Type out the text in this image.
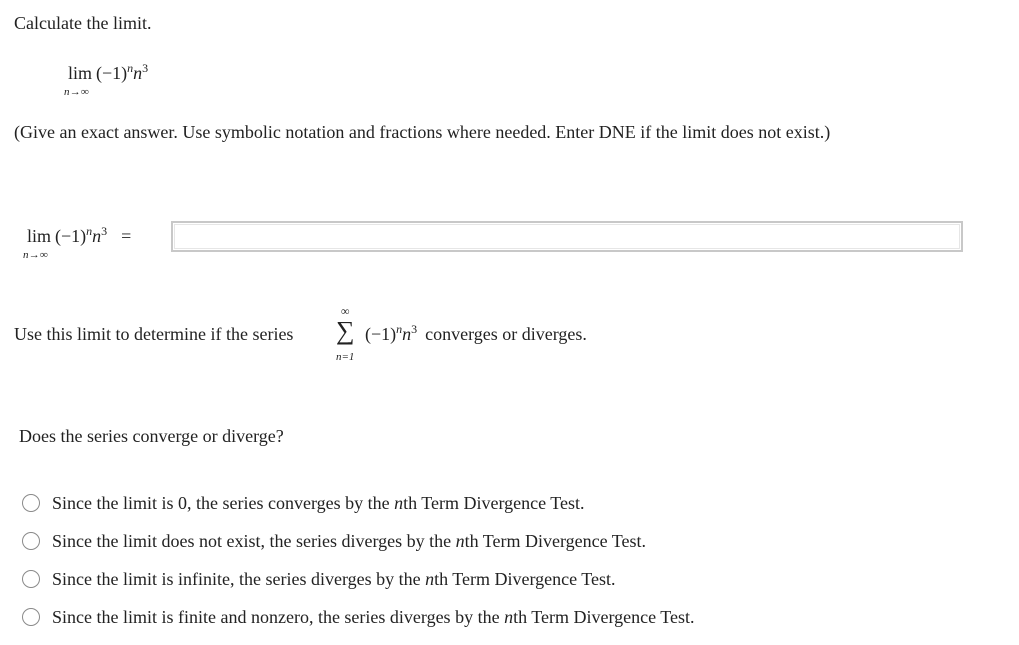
Calculate the limit.
$\lim (-1)^nn^3$
n→∞
(Give an exact answer. Use symbolic notation and fractions where needed. Enter DNE if the limit does not exist.)
$\lim (-1)^nn^3$ =
n→∞
Use this limit to determine if the series
∞
∑
n=1
$(-1)^nn^3$ converges or diverges.
Does the series converge or diverge?
Since the limit is 0, the series converges by the nth Term Divergence Test.
Since the limit does not exist, the series diverges by the nth Term Divergence Test.
Since the limit is infinite, the series diverges by the nth Term Divergence Test.
Since the limit is finite and nonzero, the series diverges by the nth Term Divergence Test.
